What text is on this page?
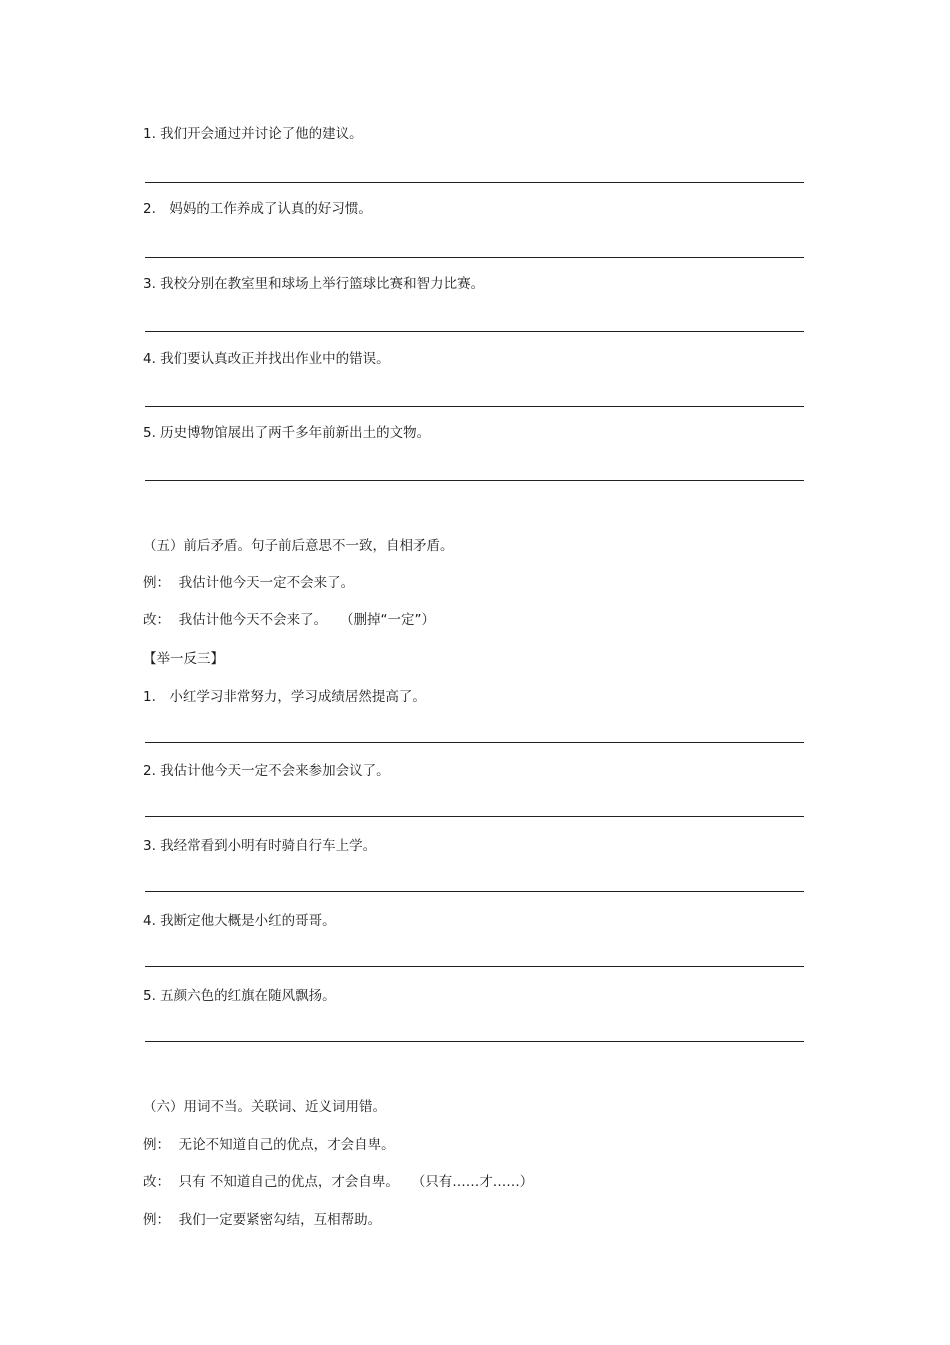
1. 我们开会通过并讨论了他的建议。
2.　妈妈的工作养成了认真的好习惯。
3. 我校分别在教室里和球场上举行篮球比赛和智力比赛。
4. 我们要认真改正并找出作业中的错误。
5. 历史博物馆展出了两千多年前新出土的文物。
（五）前后矛盾。句子前后意思不一致，自相矛盾。
例：  我估计他今天一定不会来了。
改：  我估计他今天不会来了。   （删掉“一定”）
【举一反三】
1.　小红学习非常努力，学习成绩居然提高了。
2. 我估计他今天一定不会来参加会议了。
3. 我经常看到小明有时骑自行车上学。
4. 我断定他大概是小红的哥哥。
5. 五颜六色的红旗在随风飘扬。
（六）用词不当。关联词、近义词用错。
例：  无论不知道自己的优点，才会自卑。
改：  只有 不知道自己的优点，才会自卑。   （只有……才……）
例：  我们一定要紧密勾结，互相帮助。
